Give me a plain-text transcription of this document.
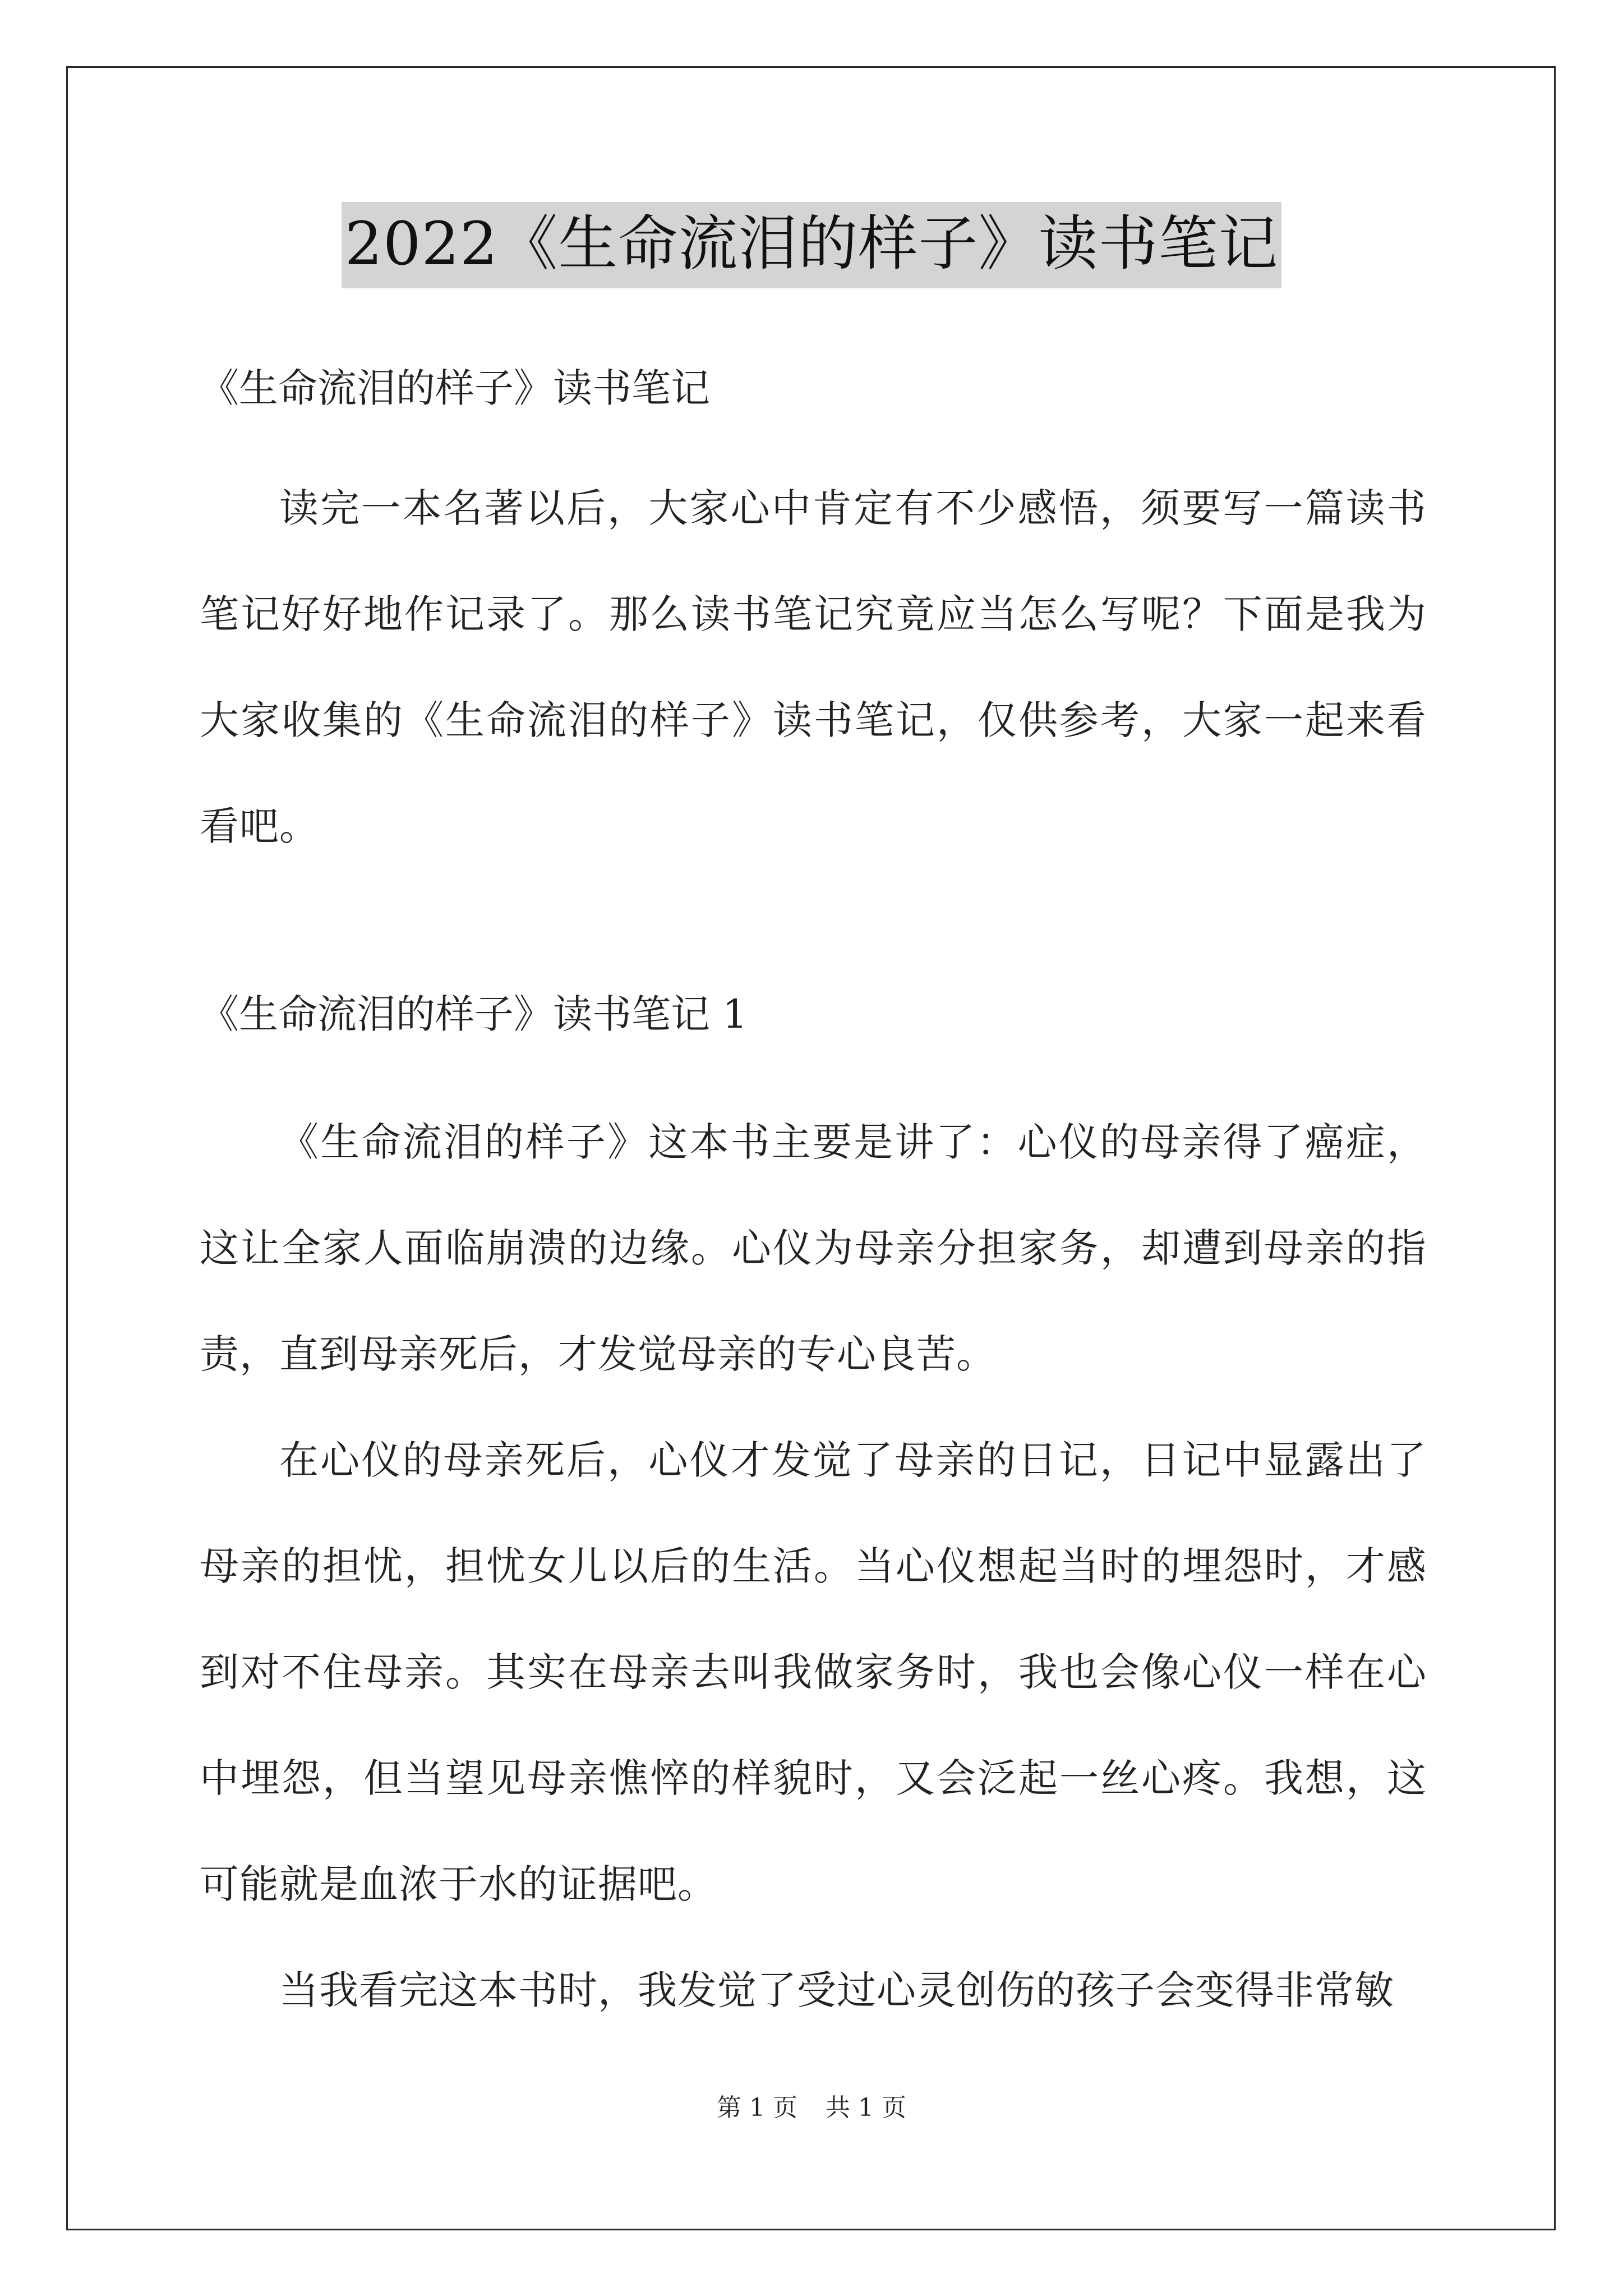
2022《生命流泪的样子》读书笔记

《生命流泪的样子》读书笔记

读完一本名著以后，大家心中肯定有不少感悟，须要写一篇读书笔记好好地作记录了。那么读书笔记究竟应当怎么写呢？下面是我为大家收集的《生命流泪的样子》读书笔记，仅供参考，大家一起来看看吧。

《生命流泪的样子》读书笔记 1

《生命流泪的样子》这本书主要是讲了：心仪的母亲得了癌症，这让全家人面临崩溃的边缘。心仪为母亲分担家务，却遭到母亲的指责，直到母亲死后，才发觉母亲的专心良苦。

在心仪的母亲死后，心仪才发觉了母亲的日记，日记中显露出了母亲的担忧，担忧女儿以后的生活。当心仪想起当时的埋怨时，才感到对不住母亲。其实在母亲去叫我做家务时，我也会像心仪一样在心中埋怨，但当望见母亲憔悴的样貌时，又会泛起一丝心疼。我想，这可能就是血浓于水的证据吧。

当我看完这本书时，我发觉了受过心灵创伤的孩子会变得非常敏

第 1 页 共 1 页
